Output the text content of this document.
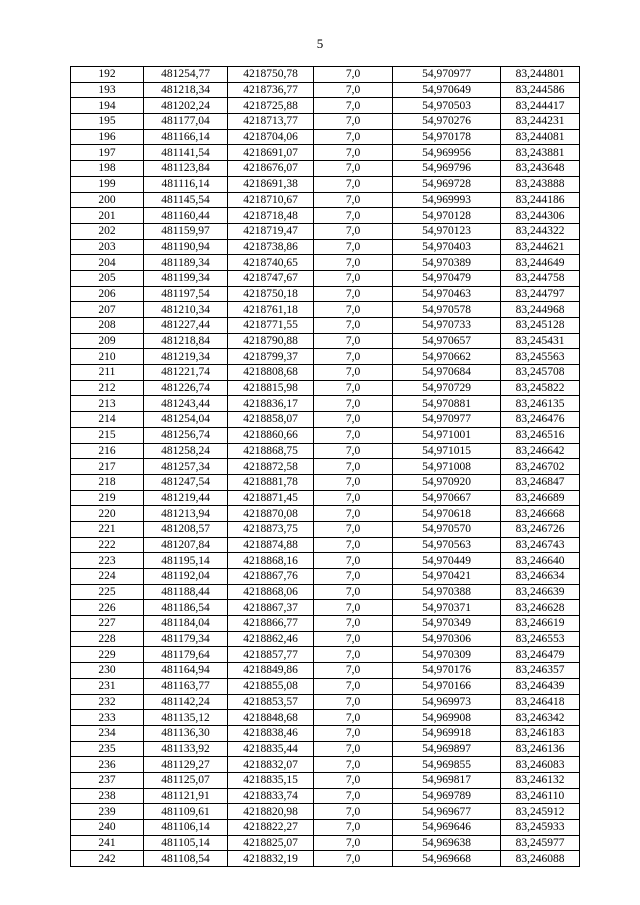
5
192	481254,77	4218750,78	7,0	54,970977	83,244801
193	481218,34	4218736,77	7,0	54,970649	83,244586
194	481202,24	4218725,88	7,0	54,970503	83,244417
195	481177,04	4218713,77	7,0	54,970276	83,244231
196	481166,14	4218704,06	7,0	54,970178	83,244081
197	481141,54	4218691,07	7,0	54,969956	83,243881
198	481123,84	4218676,07	7,0	54,969796	83,243648
199	481116,14	4218691,38	7,0	54,969728	83,243888
200	481145,54	4218710,67	7,0	54,969993	83,244186
201	481160,44	4218718,48	7,0	54,970128	83,244306
202	481159,97	4218719,47	7,0	54,970123	83,244322
203	481190,94	4218738,86	7,0	54,970403	83,244621
204	481189,34	4218740,65	7,0	54,970389	83,244649
205	481199,34	4218747,67	7,0	54,970479	83,244758
206	481197,54	4218750,18	7,0	54,970463	83,244797
207	481210,34	4218761,18	7,0	54,970578	83,244968
208	481227,44	4218771,55	7,0	54,970733	83,245128
209	481218,84	4218790,88	7,0	54,970657	83,245431
210	481219,34	4218799,37	7,0	54,970662	83,245563
211	481221,74	4218808,68	7,0	54,970684	83,245708
212	481226,74	4218815,98	7,0	54,970729	83,245822
213	481243,44	4218836,17	7,0	54,970881	83,246135
214	481254,04	4218858,07	7,0	54,970977	83,246476
215	481256,74	4218860,66	7,0	54,971001	83,246516
216	481258,24	4218868,75	7,0	54,971015	83,246642
217	481257,34	4218872,58	7,0	54,971008	83,246702
218	481247,54	4218881,78	7,0	54,970920	83,246847
219	481219,44	4218871,45	7,0	54,970667	83,246689
220	481213,94	4218870,08	7,0	54,970618	83,246668
221	481208,57	4218873,75	7,0	54,970570	83,246726
222	481207,84	4218874,88	7,0	54,970563	83,246743
223	481195,14	4218868,16	7,0	54,970449	83,246640
224	481192,04	4218867,76	7,0	54,970421	83,246634
225	481188,44	4218868,06	7,0	54,970388	83,246639
226	481186,54	4218867,37	7,0	54,970371	83,246628
227	481184,04	4218866,77	7,0	54,970349	83,246619
228	481179,34	4218862,46	7,0	54,970306	83,246553
229	481179,64	4218857,77	7,0	54,970309	83,246479
230	481164,94	4218849,86	7,0	54,970176	83,246357
231	481163,77	4218855,08	7,0	54,970166	83,246439
232	481142,24	4218853,57	7,0	54,969973	83,246418
233	481135,12	4218848,68	7,0	54,969908	83,246342
234	481136,30	4218838,46	7,0	54,969918	83,246183
235	481133,92	4218835,44	7,0	54,969897	83,246136
236	481129,27	4218832,07	7,0	54,969855	83,246083
237	481125,07	4218835,15	7,0	54,969817	83,246132
238	481121,91	4218833,74	7,0	54,969789	83,246110
239	481109,61	4218820,98	7,0	54,969677	83,245912
240	481106,14	4218822,27	7,0	54,969646	83,245933
241	481105,14	4218825,07	7,0	54,969638	83,245977
242	481108,54	4218832,19	7,0	54,969668	83,246088
